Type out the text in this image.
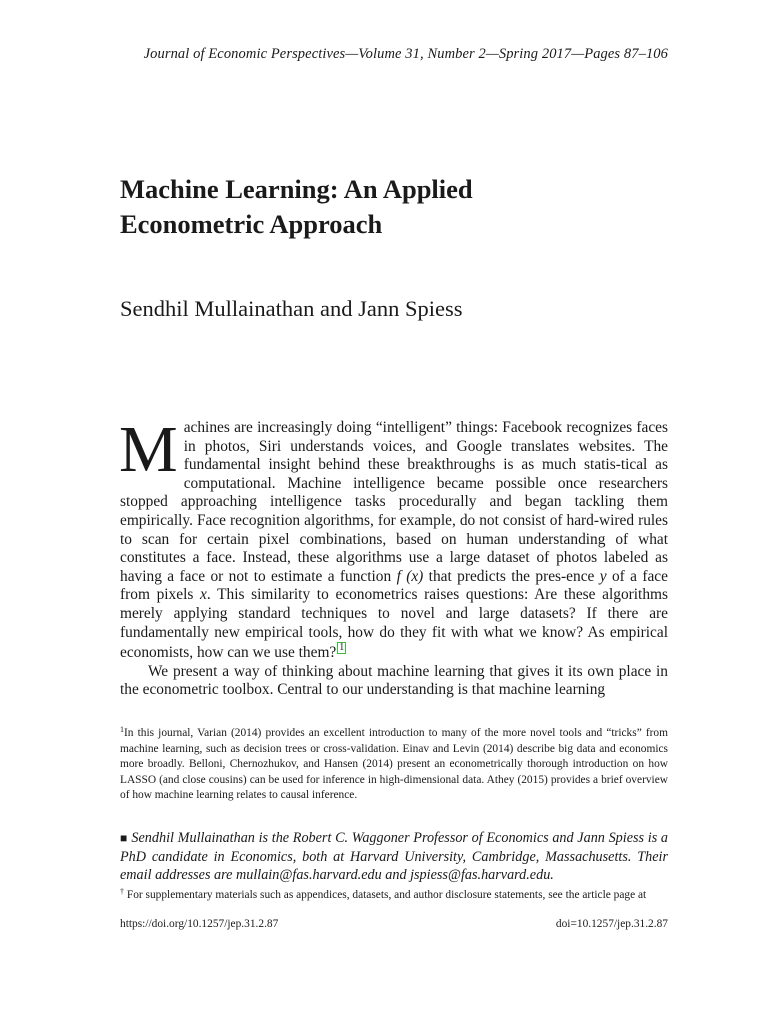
Journal of Economic Perspectives—Volume 31, Number 2—Spring 2017—Pages 87–106
Machine Learning: An Applied
Econometric Approach
Sendhil Mullainathan and Jann Spiess

Machines are increasingly doing “intelligent” things: Facebook recognizes faces in photos, Siri understands voices, and Google translates websites. The fundamental insight behind these breakthroughs is as much statis-tical as computational. Machine intelligence became possible once researchers stopped approaching intelligence tasks procedurally and began tackling them empirically. Face recognition algorithms, for example, do not consist of hard-wired rules to scan for certain pixel combinations, based on human understanding of what constitutes a face. Instead, these algorithms use a large dataset of photos labeled as having a face or not to estimate a function f (x) that predicts the pres-ence y of a face from pixels x. This similarity to econometrics raises questions: Are these algorithms merely applying standard techniques to novel and large datasets? If there are fundamentally new empirical tools, how do they fit with what we know? As empirical economists, how can we use them? 1

We present a way of thinking about machine learning that gives it its own place in the econometric toolbox. Central to our understanding is that machine learning

$^1$In this journal, Varian (2014) provides an excellent introduction to many of the more novel tools and “tricks” from machine learning, such as decision trees or cross-validation. Einav and Levin (2014) describe big data and economics more broadly. Belloni, Chernozhukov, and Hansen (2014) present an econometrically thorough introduction on how LASSO (and close cousins) can be used for inference in high-dimensional data. Athey (2015) provides a brief overview of how machine learning relates to causal inference.
■ Sendhil Mullainathan is the Robert C. Waggoner Professor of Economics and Jann Spiess is a PhD candidate in Economics, both at Harvard University, Cambridge, Massachusetts. Their email addresses are mullain@fas.harvard.edu and jspiess@fas.harvard.edu.
† For supplementary materials such as appendices, datasets, and author disclosure statements, see the article page at
https://doi.org/10.1257/jep.31.2.87	doi=10.1257/jep.31.2.87
